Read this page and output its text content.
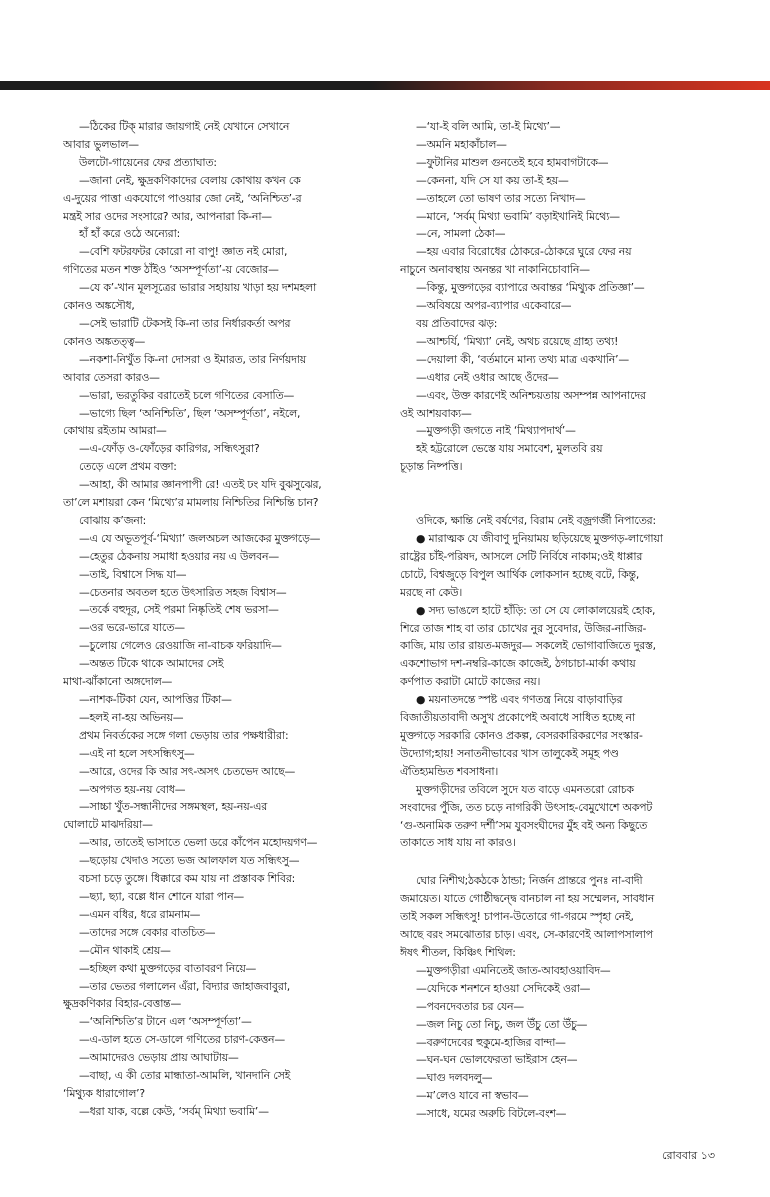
—ঠিকের টিক্ মারার জায়গাই নেই যেখানে সেখানে

আবার ভুলভাল—

উলটো-গায়েনের ফের প্রত্যাঘাত:

—জানা নেই, ক্ষুদ্রকণিকাদের বেলায় কোথায় কখন কে

এ-দুয়ের পাত্তা একযোগে পাওয়ার জো নেই, ‘অনিশ্চিত’-র

মন্ত্রই সার ওদের সংসারে? আর, আপনারা কি-না—

হাঁ হাঁ করে ওঠে অন্যেরা:

—বেশি ফটরফটর কোরো না বাপু! জ্ঞাত নই মোরা,

গণিতের মতন শক্ত ঠাঁইও ‘অসম্পূর্ণতা’-য় বেজোর—

—যে ক’-খান মূলসূত্রের ভারার সহায়ায় খাড়া হয় দশমহলা

কোনও অঙ্কসৌধ,

—সেই ভারাটি টেকসই কি-না তার নির্ধারকর্তা অপর

কোনও অঙ্কতত্ত্ব—

—নকশা-নিখুঁত কি-না দোসরা ও ইমারত, তার নির্ণয়দায়

আবার তেসরা কারও—

—ভারা, ভরতুকির বরাতেই চলে গণিতের বেসাতি—

—ভাগ্যে ছিল ‘অনিশ্চিতি’, ছিল ‘অসম্পূর্ণতা’, নইলে,

কোথায় রইতাম আমরা—

—এ-ফোঁড় ও-ফোঁড়ের কারিগর, সন্ধিৎসুরা?

তেড়ে এলে প্রথম বক্তা:

—আহা, কী আমার জ্ঞানপাপী রে! এতই ঢং যদি বুঝসুঝের,

তা’লে মশায়রা কেন ‘মিথ্যে’র মামলায় নিশ্চিতির নিশ্চিন্তি চান?

বোঝায় ক’জনা:

—এ যে অভূতপূর্ব-‘মিথ্যা’ জলঅচল আজকের মুক্তগড়ে—

—হেতুর ঠেকনায় সমাধা হওয়ার নয় এ উলবন—

—তাই, বিশ্বাসে সিদ্ধ যা—

—চেতনার অবতল হতে উৎসারিত সহজ বিশ্বাস—

—তর্কে বহুদূর, সেই পরমা নিষ্কৃতিই শেষ ভরসা—

—ওর ভরে-ভারে যাতে—

—চুলোয় গেলেও রেওয়াজি না-বাচক ফরিয়াদি—

—অন্তত টিকে থাকে আমাদের সেই

মাথা-ঝাঁকানো অঙ্গদোল—

—নাশক-টিকা যেন, আপত্তির টিকা—

—হলই না-হয় অভিনয়—

প্রথম নিবর্তকের সঙ্গে গলা ভেড়ায় তার পক্ষধারীরা:

—এই না হলে সৎসন্ধিৎসু—

—আরে, ওদের কি আর সৎ-অসৎ চেতভেদ আছে—

—অপগত হয়-নয় বোধ—

—সাচ্চা খুঁত-সন্ধানীদের সঙ্গমস্থল, হয়-নয়-এর

ঘোলাটে মাঝদরিয়া—

—আর, তাতেই ভাসাতে ভেলা ডরে কাঁপেন মহোদয়গণ—

—ছড়োয় খেদাও সত্যে ভজ আলফাল যত সন্ধিৎসু—

বচসা চড়ে তুঙ্গে। ধিক্কারে কম যায় না প্রস্তাবক শিবির:

—ছ্যা, ছ্যা, বল্লে ধান শোনে যারা পান—

—এমন বধির, ধরে রামনাম—

—তাদের সঙ্গে বেকার বাতচিত—

—মৌন থাকাই শ্রেয়—

—হচ্ছিল কথা মুক্তগড়ের বাতাবরণ নিয়ে—

—তার ভেতর গলালেন এঁরা, বিদ্যার জাহাজবাবুরা,

ক্ষুদ্রকণিকার বিহার-বেত্তান্ত—

—‘অনিশ্চিতি’র টানে এল ‘অসম্পূর্ণতা’—

—এ-ডাল হতে সে-ডালে গণিতের চারণ-কেত্তন—

—আমাদেরও ভেড়ায় প্রায় আঘাটায়—

—বাছা, এ কী তোর মান্ধাতা-আমলি, খানদানি সেই

‘মিথ্যুক ধারাগোল’?

—ধরা যাক, বল্লে কেউ, ‘সর্বম্ মিথ্যা ভবামি’—

—‘যা-ই বলি আমি, তা-ই মিথ্যে’—

—অমনি মহাকাঁচাল—

—ফুটানির মাশুল গুনতেই হবে হামবাগটাকে—

—কেননা, যদি সে যা কয় তা-ই হয়—

—তাহলে তো ভাষণ তার সত্যে নিখাদ—

—মানে, ‘সর্বম্ মিথ্যা ভবামি’ বড়াইখানিই মিথ্যে—

—নে, সামলা ঠেকা—

—হয় এবার বিরোধের ঠোকরে-ঠোকরে ঘুরে ফের নয়

নাচুনে অনাবস্থায় অনন্তর খা নাকানিচোবানি—

—কিন্তু, মুক্তগড়ের ব্যাপারে অবান্তর ‘মিথ্যুক প্রতিজ্ঞা’—

—অবিষয়ে অপর-ব্যাপার একেবারে—

বয় প্রতিবাদের ঝড়:

—আশ্চর্যি, ‘মিথ্যা’ নেই, অথচ রয়েছে গ্রাহ্য তথ্য!

—দেয়ালা কী, ‘বর্তমানে মান্য তথ্য মাত্র একখানি’—

—এধার নেই ওধার আছে ওঁদের—

—এবং, উক্ত কারণেই অনিশ্চয়তায় অসম্পন্ন আপনাদের

ওই আশয়বাক্য—

—মুক্তগড়ী জগতে নাই ‘মিথ্যাপদার্থ’—

হই হট্টরোলে ভেস্তে যায় সমাবেশ, মুলতবি রয়

চূড়ান্ত নিষ্পত্তি।

ওদিকে, ক্ষান্তি নেই বর্ষণের, বিরাম নেই বজ্রগর্জী নিপাতের:

● মারাত্মক যে জীবাণু দুনিয়াময় ছড়িয়েছে মুক্তগড়-লাগোয়া

রাষ্ট্রের চাঁই-পরিষদ, আসলে সেটি নির্বিষে নাকাম;ওই ধাপ্পার

চোটে, বিশ্বজুড়ে বিপুল আর্থিক লোকসান হচ্ছে বটে, কিন্তু,

মরছে না কেউ।

● সদ্য ভাঙলে হাটে হাঁড়ি: তা সে যে লোকালয়েরই হোক,

শিরে তাজ শাহ বা তার চোখের নুর সুবেদার, উজির-নাজির-

কাজি, মায় তার রায়ত-মজদুর— সকলেই ভোগাবাজিতে দুরস্ত,

একশোভাগ দশ-নম্বরি-কাজে কাজেই, ঠগচাচা-মার্কা কথায়

কর্ণপাত করাটা মোটে কাজের নয়।

● ময়নাতদন্তে স্পষ্ট এবং গণতন্ত্র নিয়ে বাড়াবাড়ির

বিজাতীয়তাবাদী অসুখ প্রকোপেই অবাধে সাধিত হচ্ছে না

মুক্তগড়ে সরকারি কোনও প্রকল্প, বেসরকারিকরণের সংস্কার-

উদ্যোগ;হায়! সনাতনীভাবের খাস তালুকেই সমূহ পণ্ড

ঐতিহ্যমন্ডিত শবসাধনা।

মুক্তগড়ীদের তবিলে সুদে যত বাড়ে এমনতরো রোচক

সংবাদের পুঁজি, তত চড়ে নাগরিকী উৎসাহ-বেমুখোশে অকপট

‘গু-অনামিক তরুণ দর্শী’সম যুবসংঘীদের মুঁহ বই অন্য কিছুতে

তাকাতে সাধ যায় না কারও।

ঘোর নিশীথ;ঠকঠকে ঠান্ডা; নির্জন প্রান্তরে পুনঃ না-বাদী

জমায়েত। যাতে গোষ্ঠীদ্বন্দ্বে বানচাল না হয় সম্মেলন, সাবধান

তাই সকল সন্ধিৎসু! চাপান-উতোরে গা-গরমে স্পৃহা নেই,

আছে বরং সমঝোতার চাড়। এবং, সে-কারণেই আলাপসালাপ

ঈষৎ শীতল, কিঞ্চিৎ শিথিল:

—মুক্তগড়ীরা এমনিতেই জাত-আবহাওয়াবিদ—

—যেদিকে শনশনে হাওয়া সেদিকেই ওরা—

—পবনদেবতার চর যেন—

—জল নিচু তো নিচু, জল উঁচু তো উঁচু—

—বরুণদেবের হুকুমে-হাজির বান্দা—

—ঘন-ঘন ভোলফেরতা ভাইরাস হেন—

—ঘাগু দলবদলু—

—ম’লেও যাবে না স্বভাব—

—সাধে, যমের অরুচি বিটলে-বংশ—

রোববার ১৩
